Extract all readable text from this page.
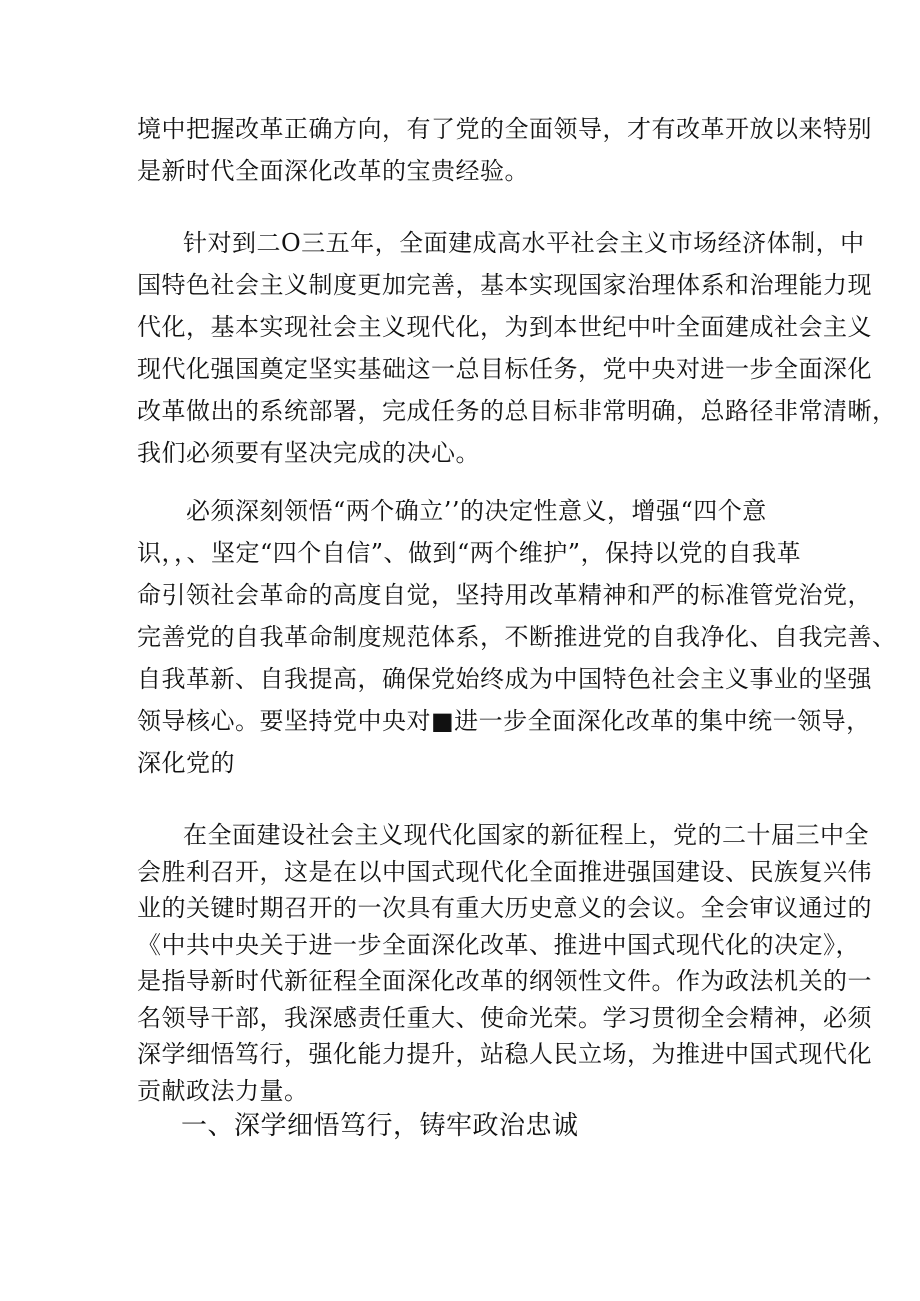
境中把握改革正确方向，有了党的全面领导，才有改革开放以来特别
是新时代全面深化改革的宝贵经验。
针对到二O三五年，全面建成高水平社会主义市场经济体制，中
国特色社会主义制度更加完善，基本实现国家治理体系和治理能力现
代化，基本实现社会主义现代化，为到本世纪中叶全面建成社会主义
现代化强国奠定坚实基础这一总目标任务，党中央对进一步全面深化
改革做出的系统部署，完成任务的总目标非常明确，总路径非常清晰，
我们必须要有坚决完成的决心。
必须深刻领悟“两个确立’’的决定性意义，增强“四个意
识，，、坚定“四个自信”、做到“两个维护”，保持以党的自我革
命引领社会革命的高度自觉，坚持用改革精神和严的标准管党治党，
完善党的自我革命制度规范体系，不断推进党的自我净化、自我完善、
自我革新、自我提高，确保党始终成为中国特色社会主义事业的坚强
领导核心。要坚持党中央对■进一步全面深化改革的集中统一领导，
深化党的
在全面建设社会主义现代化国家的新征程上，党的二十届三中全
会胜利召开，这是在以中国式现代化全面推进强国建设、民族复兴伟
业的关键时期召开的一次具有重大历史意义的会议。全会审议通过的
《中共中央关于进一步全面深化改革、推进中国式现代化的决定》，
是指导新时代新征程全面深化改革的纲领性文件。作为政法机关的一
名领导干部，我深感责任重大、使命光荣。学习贯彻全会精神，必须
深学细悟笃行，强化能力提升，站稳人民立场，为推进中国式现代化
一、深学细悟笃行，铸牢政治忠诚
贡献政法力量。
